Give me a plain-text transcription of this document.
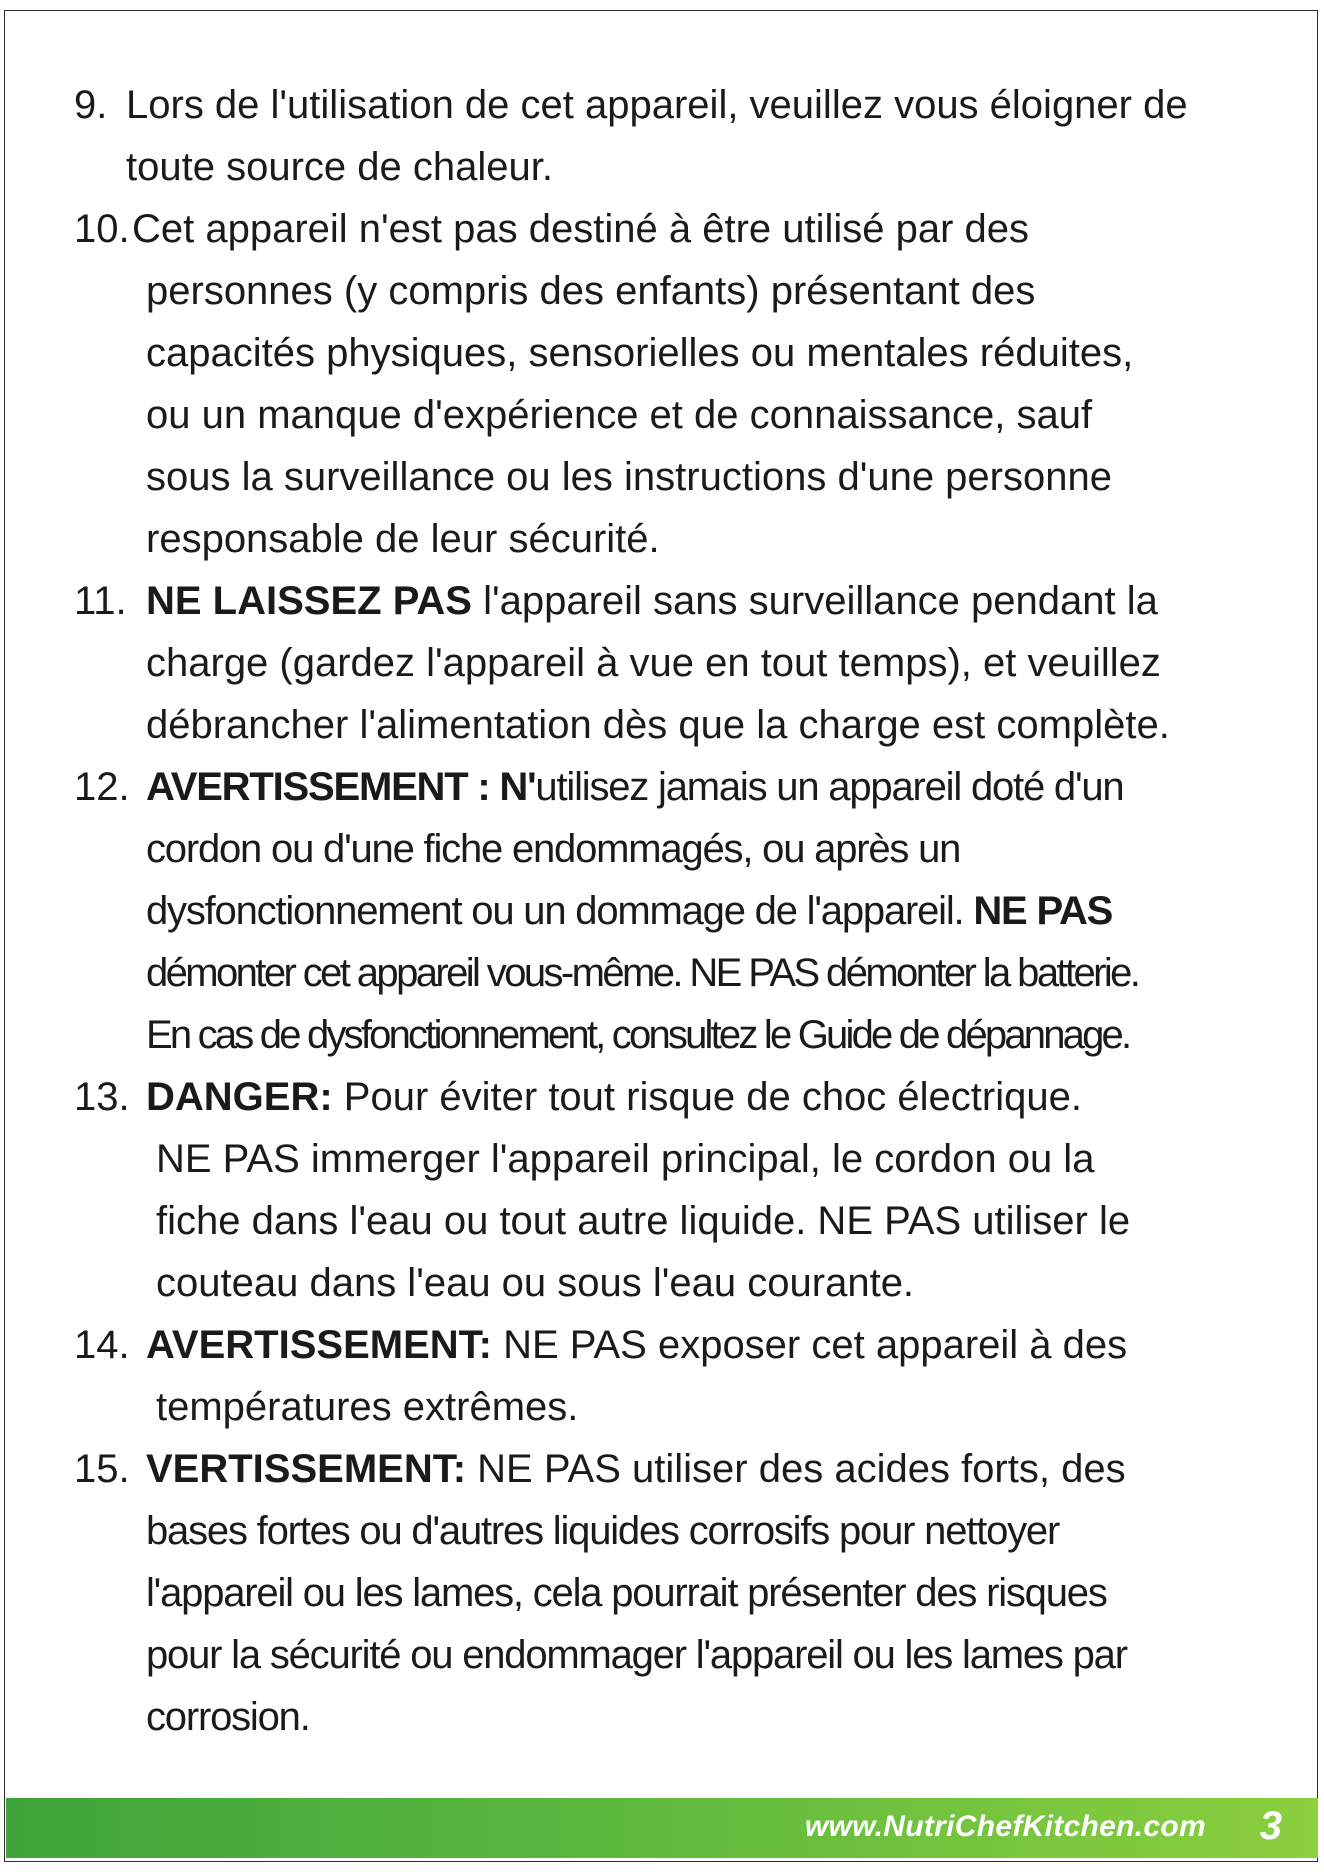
9. Lors de l'utilisation de cet appareil, veuillez vous éloigner de
toute source de chaleur.
10. Cet appareil n'est pas destiné à être utilisé par des
personnes (y compris des enfants) présentant des
capacités physiques, sensorielles ou mentales réduites,
ou un manque d'expérience et de connaissance, sauf
sous la surveillance ou les instructions d'une personne
responsable de leur sécurité.
11. NE LAISSEZ PAS l'appareil sans surveillance pendant la
charge (gardez l'appareil à vue en tout temps), et veuillez
débrancher l'alimentation dès que la charge est complète.
12. AVERTISSEMENT : N'utilisez jamais un appareil doté d'un
cordon ou d'une fiche endommagés, ou après un
dysfonctionnement ou un dommage de l'appareil. NE PAS
démonter cet appareil vous-même. NE PAS démonter la batterie.
En cas de dysfonctionnement, consultez le Guide de dépannage.
13. DANGER: Pour éviter tout risque de choc électrique.
NE PAS immerger l'appareil principal, le cordon ou la
fiche dans l'eau ou tout autre liquide. NE PAS utiliser le
couteau dans l'eau ou sous l'eau courante.
14. AVERTISSEMENT: NE PAS exposer cet appareil à des
températures extrêmes.
15. VERTISSEMENT: NE PAS utiliser des acides forts, des
bases fortes ou d'autres liquides corrosifs pour nettoyer
l'appareil ou les lames, cela pourrait présenter des risques
pour la sécurité ou endommager l'appareil ou les lames par
corrosion.
www.NutriChefKitchen.com 3
